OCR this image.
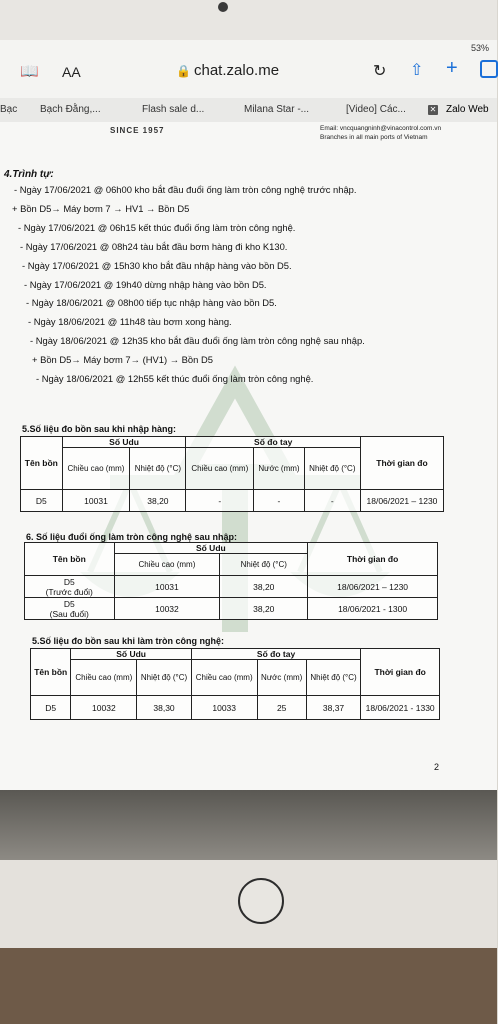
53%
📖 AA	🔒 chat.zalo.me	↻ ⇧ +
Bạc Bạch Đằng,...	Flash sale d...	Milana Star -...	[Video] Các...	✕ Zalo Web
SINCE 1957	Email: vncquangninh@vinacontrol.com.vn
Branches in all main ports of Vietnam
4.Trình tự:
- Ngày 17/06/2021 @ 06h00 kho bắt đầu đuổi ống làm tròn công nghệ trước nhập.
+ Bồn D5→ Máy bơm 7 → HV1 → Bồn D5
- Ngày 17/06/2021 @ 06h15 kết thúc đuổi ống làm tròn công nghệ.
- Ngày 17/06/2021 @ 08h24 tàu bắt đầu bơm hàng đi kho K130.
- Ngày 17/06/2021 @ 15h30 kho bắt đầu nhập hàng vào bồn D5.
- Ngày 17/06/2021 @ 19h40 dừng nhập hàng vào bồn D5.
- Ngày 18/06/2021 @ 08h00 tiếp tục nhập hàng vào bồn D5.
- Ngày 18/06/2021 @ 11h48 tàu bơm xong hàng.
- Ngày 18/06/2021 @ 12h35 kho bắt đầu đuổi ống làm tròn công nghệ sau nhập.
+ Bồn D5→ Máy bơm 7→ (HV1) → Bồn D5
- Ngày 18/06/2021 @ 12h55 kết thúc đuổi ống làm tròn công nghệ.
5.Số liệu đo bồn sau khi nhập hàng:
Tên bồn	Số Udu		Số đo tay			Thời gian đo
	Chiều cao (mm)	Nhiệt độ (°C)	Chiều cao (mm)	Nước (mm)	Nhiệt độ (°C)	
D5	10031	38,20	-	-	-	18/06/2021 – 1230
6. Số liệu đuổi ống làm tròn công nghệ sau nhập:
Tên bồn	Số Udu		Thời gian đo
	Chiều cao (mm)	Nhiệt độ (°C)	
D5
(Trước đuổi)	10031	38,20	18/06/2021 – 1230
D5
(Sau đuổi)	10032	38,20	18/06/2021 - 1300
5.Số liệu đo bồn sau khi làm tròn công nghệ:
Tên bồn	Số Udu		Số đo tay			Thời gian đo
	Chiều cao (mm)	Nhiệt độ (°C)	Chiều cao (mm)	Nước (mm)	Nhiệt độ (°C)	
D5	10032	38,30	10033	25	38,37	18/06/2021 - 1330
2
